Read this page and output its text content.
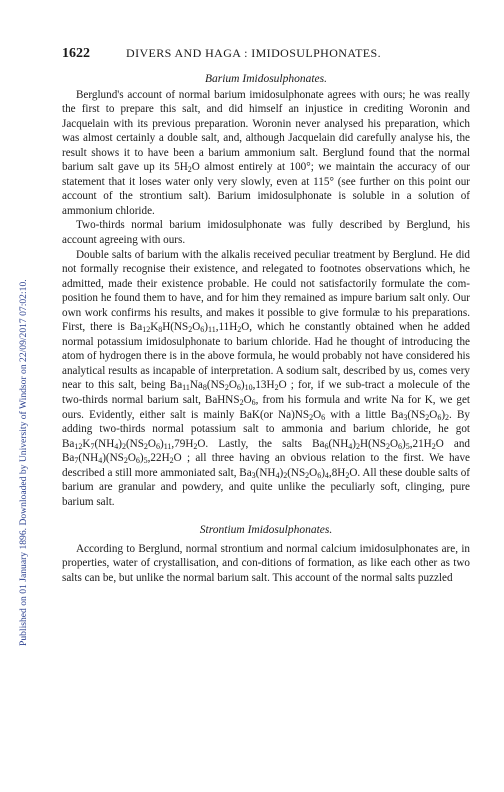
Published on 01 January 1896. Downloaded by University of Windsor on 22/09/2017 07:02:10.
1622	DIVERS AND HAGA : IMIDOSULPHONATES.
Barium Imidosulphonates.

Berglund's account of normal barium imidosulphonate agrees with ours; he was really the first to prepare this salt, and did himself an injustice in crediting Woronin and Jacquelain with its previous preparation. Woronin never analysed his preparation, which was almost certainly a double salt, and, although Jacquelain did carefully analyse his, the result shows it to have been a barium ammonium salt. Berglund found that the normal barium salt gave up its $5H_2O$ almost entirely at 100°; we maintain the accuracy of our statement that it loses water only very slowly, even at 115° (see further on this point our account of the strontium salt). Barium imidosulphonate is soluble in a solution of ammonium chloride.

Two-thirds normal barium imidosulphonate was fully described by Berglund, his account agreeing with ours.

Double salts of barium with the alkalis received peculiar treatment by Berglund. He did not formally recognise their existence, and relegated to footnotes observations which, he admitted, made their existence probable. He could not satisfactorily formulate the com-position he found them to have, and for him they remained as impure barium salt only. Our own work confirms his results, and makes it possible to give formulæ to his preparations. First, there is $Ba_{12}K_8H(NS_2O_6)_{11},11H_2O$, which he constantly obtained when he added normal potassium imidosulphonate to barium chloride. Had he thought of introducing the atom of hydrogen there is in the above formula, he would probably not have considered his analytical results as incapable of interpretation. A sodium salt, described by us, comes very near to this salt, being $Ba_{11}Na_8(NS_2O_6)_{10},13H_2O$ ; for, if we sub-tract a molecule of the two-thirds normal barium salt, $BaHNS_2O_6$, from his formula and write Na for K, we get ours. Evidently, either salt is mainly BaK(or $Na)NS_2O_6$ with a little $Ba_3(NS_2O_6)_2$. By adding two-thirds normal potassium salt to ammonia and barium chloride, he got $Ba_{12}K_7(NH_4)_2(NS_2O_6)_{11},79H_2O$. Lastly, the salts $Ba_6(NH_4)_2H(NS_2O_6)_5,21H_2O$ and $Ba_7(NH_4)(NS_2O_6)_5,22H_2O$ ; all three having an obvious relation to the first. We have described a still more ammoniated salt, $Ba_3(NH_4)_2(NS_2O_6)_4,8H_2O$. All these double salts of barium are granular and powdery, and quite unlike the peculiarly soft, clinging, pure barium salt.

Strontium Imidosulphonates.

According to Berglund, normal strontium and normal calcium imidosulphonates are, in properties, water of crystallisation, and con-ditions of formation, as like each other as two salts can be, but unlike the normal barium salt. This account of the normal salts puzzled
